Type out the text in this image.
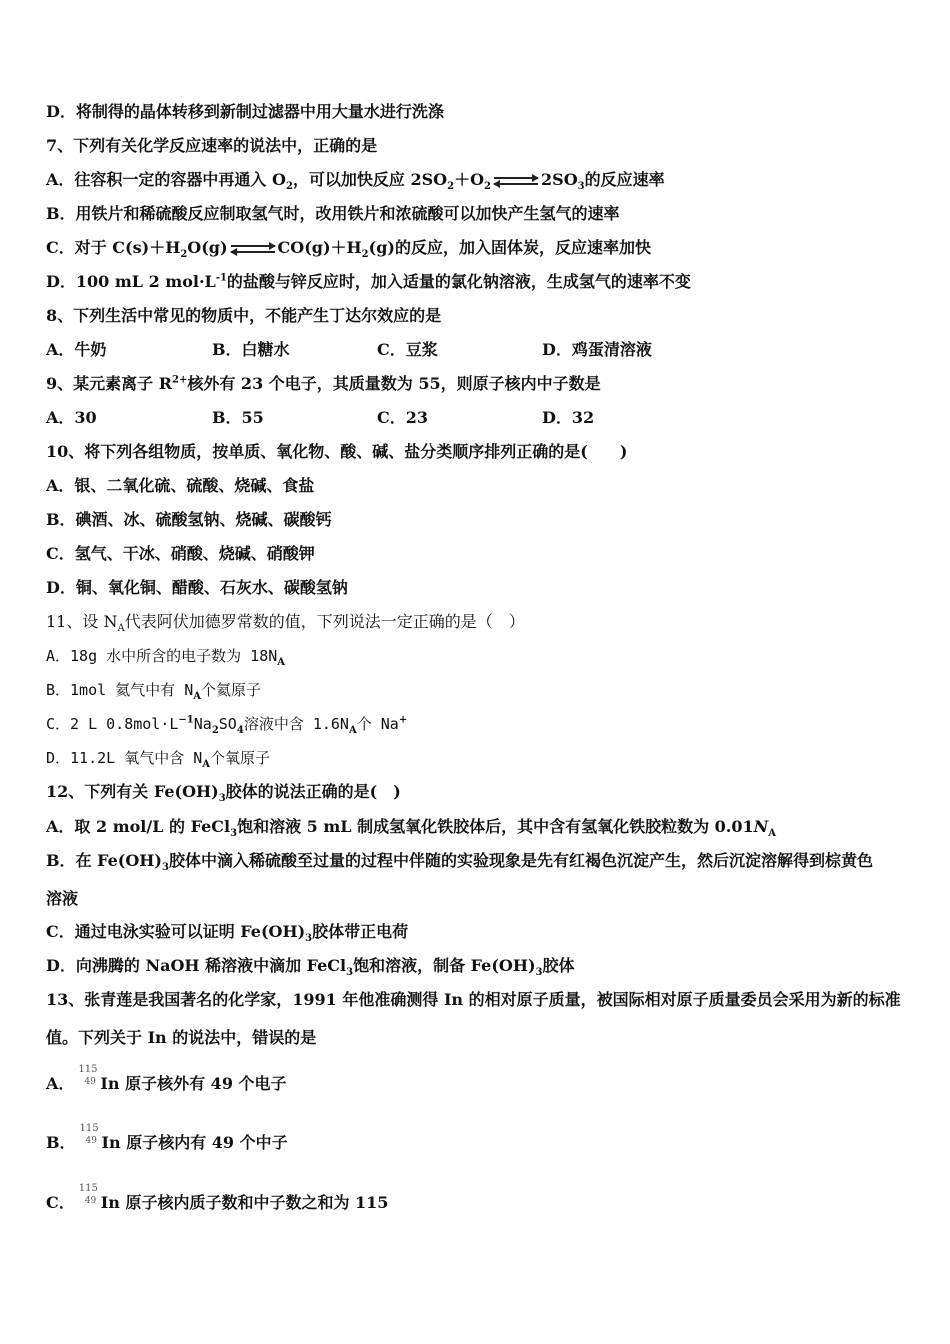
D．将制得的晶体转移到新制过滤器中用大量水进行洗涤
7、下列有关化学反应速率的说法中，正确的是
A．往容积一定的容器中再通入 $O_2$，可以加快反应 $2SO_2+O_2$ ⇌ $2SO_3$的反应速率
B．用铁片和稀硫酸反应制取氢气时，改用铁片和浓硫酸可以加快产生氢气的速率
C．对于 $C(s)+H_2O(g)$ ⇌ $CO(g)+H_2(g)$的反应，加入固体炭，反应速率加快
D．100 mL 2 $mol\cdot L^{-1}$的盐酸与锌反应时，加入适量的氯化钠溶液，生成氢气的速率不变
8、下列生活中常见的物质中，不能产生丁达尔效应的是
A．牛奶	B．白糖水	C．豆浆	D．鸡蛋清溶液
9、某元素离子 $R^{2+}$核外有 23 个电子，其质量数为 55，则原子核内中子数是
A．30	B．55	C．23	D．32
10、将下列各组物质，按单质、氧化物、酸、碱、盐分类顺序排列正确的是(　　)
A．银、二氧化硫、硫酸、烧碱、食盐
B．碘酒、冰、硫酸氢钠、烧碱、碳酸钙
C．氢气、干冰、硝酸、烧碱、硝酸钾
D．铜、氧化铜、醋酸、石灰水、碳酸氢钠
11、设 $N_A$代表阿伏加德罗常数的值，下列说法一定正确的是（　）
A．18g 水中所含的电子数为 $18N_A$
B．1mol 氦气中有 $N_A$个氦原子
C．2 L $0.8mol\cdot L^{-1}Na_2SO_4$溶液中含 $1.6N_A$个 Na+
D．11.2L 氧气中含 $N_A$个氧原子
12、下列有关 $Fe(OH)_3$胶体的说法正确的是(　)
A．取 2 mol/L 的 FeCl$_3$饱和溶液 5 mL 制成氢氧化铁胶体后，其中含有氢氧化铁胶粒数为 $0.01N_A$
B．在 $Fe(OH)_3$胶体中滴入稀硫酸至过量的过程中伴随的实验现象是先有红褐色沉淀产生，然后沉淀溶解得到棕黄色
溶液
C．通过电泳实验可以证明 $Fe(OH)_3$胶体带正电荷
D．向沸腾的 NaOH 稀溶液中滴加 FeCl$_3$饱和溶液，制备 $Fe(OH)_3$胶体
13、张青莲是我国著名的化学家，1991 年他准确测得 In 的相对原子质量，被国际相对原子质量委员会采用为新的标准
值。下列关于 In 的说法中，错误的是
A．
115
49 In 原子核外有 49 个电子
B．
115
49 In 原子核内有 49 个中子
C．
115
49 In 原子核内质子数和中子数之和为 115
